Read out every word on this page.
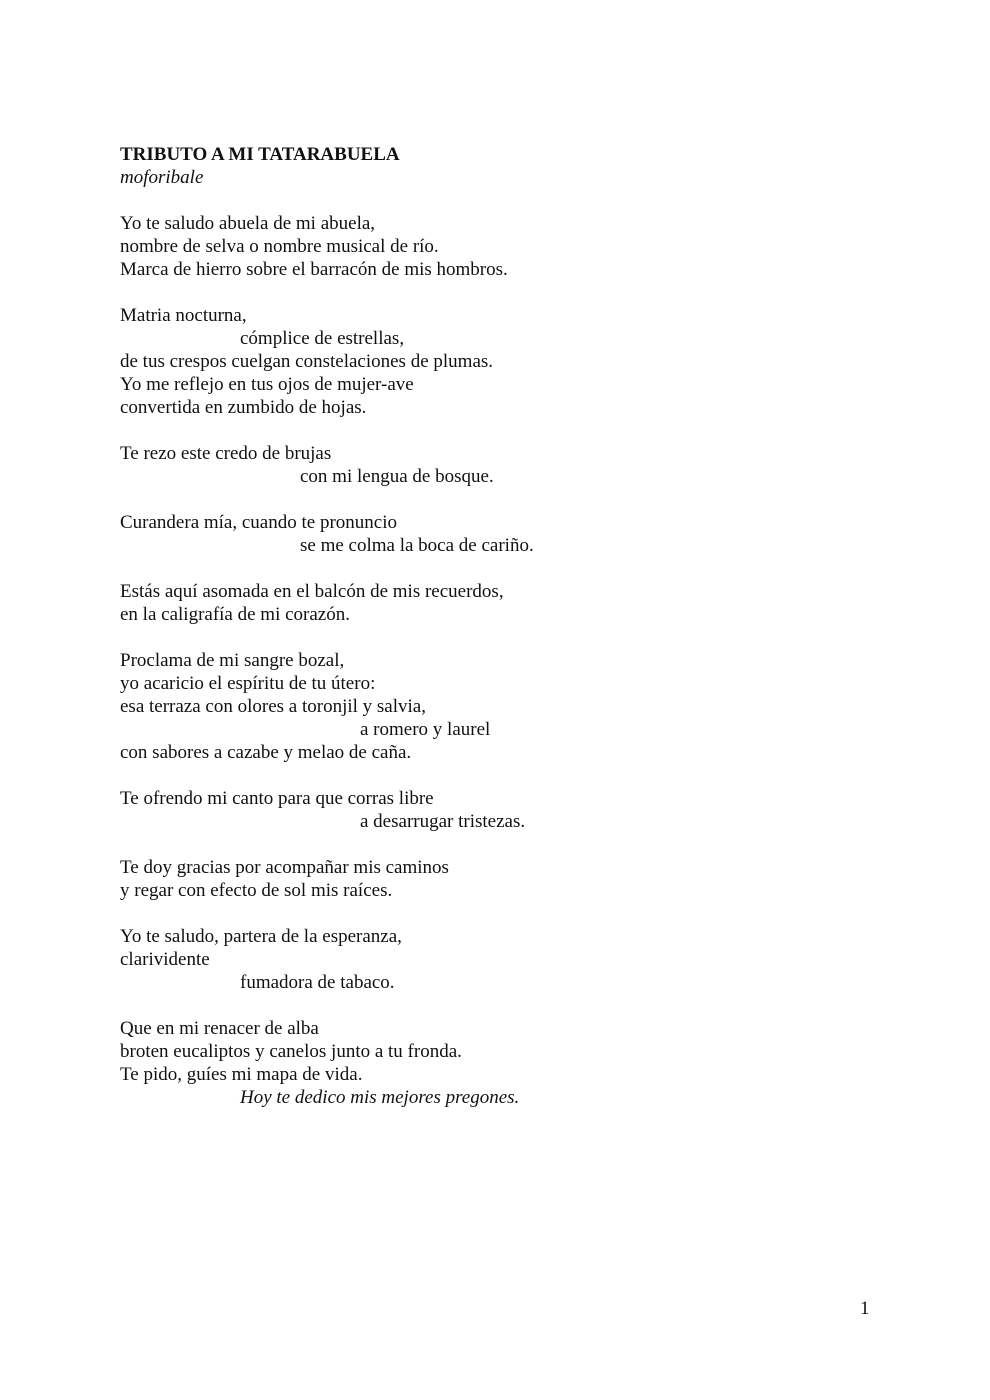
TRIBUTO A MI TATARABUELA
moforibale
Yo te saludo abuela de mi abuela,
nombre de selva o nombre musical de río.
Marca de hierro sobre el barracón de mis hombros.
Matria nocturna,
cómplice de estrellas,
de tus crespos cuelgan constelaciones de plumas.
Yo me reflejo en tus ojos de mujer-ave
convertida en zumbido de hojas.
Te rezo este credo de brujas
con mi lengua de bosque.
Curandera mía, cuando te pronuncio
se me colma la boca de cariño.
Estás aquí asomada en el balcón de mis recuerdos,
en la caligrafía de mi corazón.
Proclama de mi sangre bozal,
yo acaricio el espíritu de tu útero:
esa terraza con olores a toronjil y salvia,
a romero y laurel
con sabores a cazabe y melao de caña.
Te ofrendo mi canto para que corras libre
a desarrugar tristezas.
Te doy gracias por acompañar mis caminos
y regar con efecto de sol mis raíces.
Yo te saludo, partera de la esperanza,
clarividente
fumadora de tabaco.
Que en mi renacer de alba
broten eucaliptos y canelos junto a tu fronda.
Te pido, guíes mi mapa de vida.
Hoy te dedico mis mejores pregones.
1
